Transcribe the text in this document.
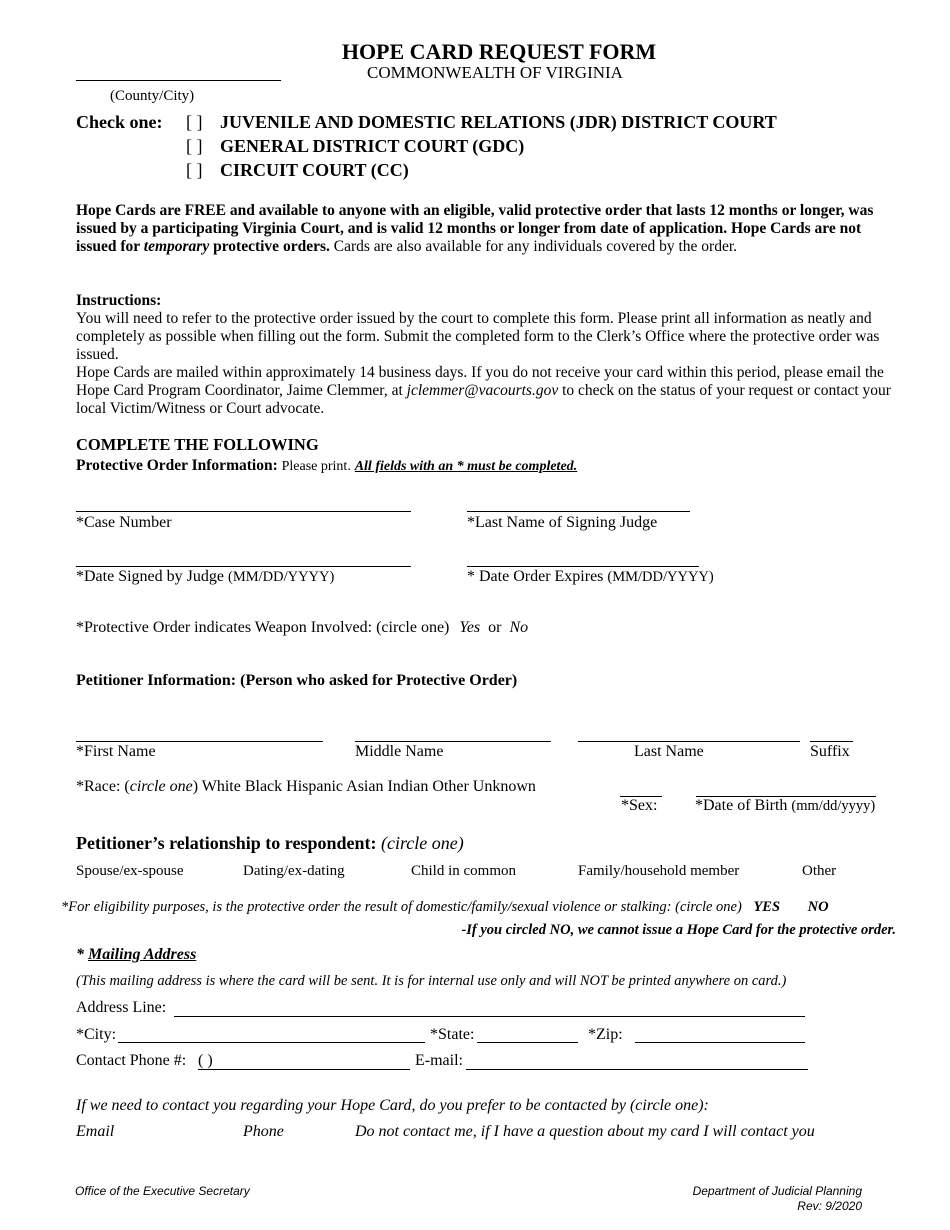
HOPE CARD REQUEST FORM
COMMONWEALTH OF VIRGINIA
(County/City)
Check one: [ ] JUVENILE AND DOMESTIC RELATIONS (JDR) DISTRICT COURT
[ ] GENERAL DISTRICT COURT (GDC)
[ ] CIRCUIT COURT (CC)
Hope Cards are FREE and available to anyone with an eligible, valid protective order that lasts 12 months or longer, was issued by a participating Virginia Court, and is valid 12 months or longer from date of application. Hope Cards are not issued for temporary protective orders. Cards are also available for any individuals covered by the order.
Instructions:
You will need to refer to the protective order issued by the court to complete this form. Please print all information as neatly and completely as possible when filling out the form. Submit the completed form to the Clerk’s Office where the protective order was issued.
Hope Cards are mailed within approximately 14 business days. If you do not receive your card within this period, please email the Hope Card Program Coordinator, Jaime Clemmer, at jclemmer@vacourts.gov to check on the status of your request or contact your local Victim/Witness or Court advocate.
COMPLETE THE FOLLOWING
Protective Order Information: Please print. All fields with an * must be completed.
*Case Number	*Last Name of Signing Judge
*Date Signed by Judge (MM/DD/YYYY)	* Date Order Expires (MM/DD/YYYY)
*Protective Order indicates Weapon Involved: (circle one) Yes or No
Petitioner Information: (Person who asked for Protective Order)
*First Name	Middle Name	Last Name	Suffix
*Race: (circle one) White Black Hispanic Asian Indian Other Unknown
*Sex: *Date of Birth (mm/dd/yyyy)
Petitioner’s relationship to respondent: (circle one)
Spouse/ex-spouse	Dating/ex-dating	Child in common	Family/household member	Other
*For eligibility purposes, is the protective order the result of domestic/family/sexual violence or stalking: (circle one) YES NO
-If you circled NO, we cannot issue a Hope Card for the protective order.
* Mailing Address
(This mailing address is where the card will be sent. It is for internal use only and will NOT be printed anywhere on card.)
Address Line:
*City:	*State:	*Zip:
Contact Phone #: ( )	E-mail:
If we need to contact you regarding your Hope Card, do you prefer to be contacted by (circle one):
Email	Phone	Do not contact me, if I have a question about my card I will contact you
Office of the Executive Secretary	Department of Judicial Planning
Rev: 9/2020
